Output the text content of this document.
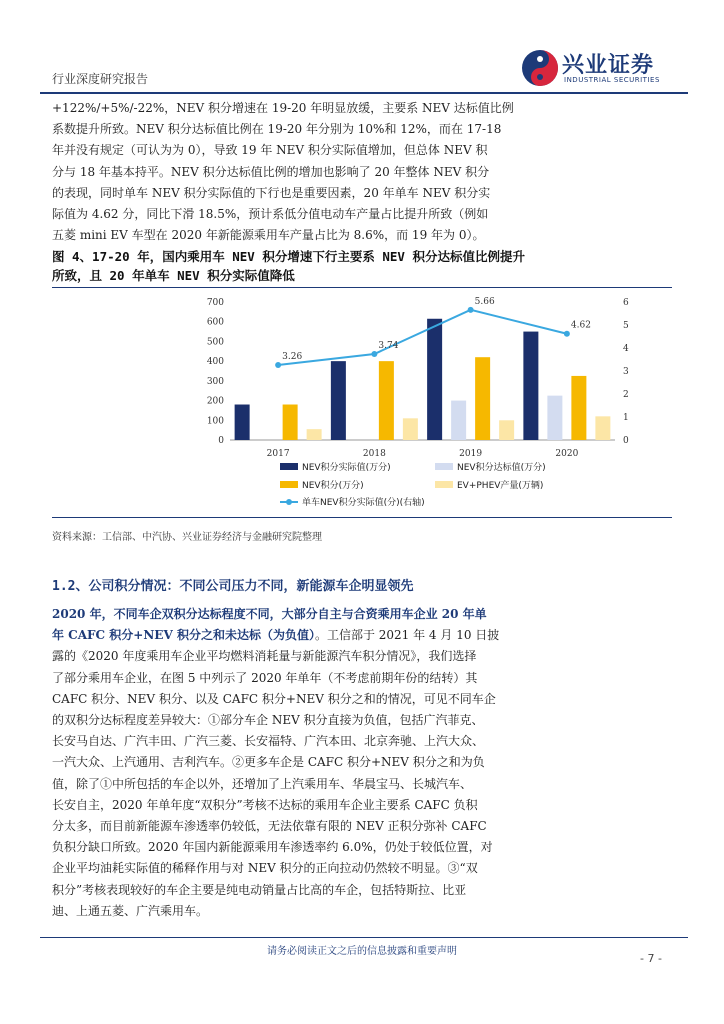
行业深度研究报告
兴业证券
INDUSTRIAL SECURITIES
+122%/+5%/-22%，NEV 积分增速在 19-20 年明显放缓，主要系 NEV 达标值比例
系数提升所致。NEV 积分达标值比例在 19-20 年分别为 10%和 12%，而在 17-18
年并没有规定（可认为为 0），导致 19 年 NEV 积分实际值增加，但总体 NEV 积
分与 18 年基本持平。NEV 积分达标值比例的增加也影响了 20 年整体 NEV 积分
的表现，同时单车 NEV 积分实际值的下行也是重要因素，20 年单车 NEV 积分实
际值为 4.62 分，同比下滑 18.5%，预计系低分值电动车产量占比提升所致（例如
五菱 mini EV 车型在 2020 年新能源乘用车产量占比为 8.6%，而 19 年为 0）。
图 4、17-20 年，国内乘用车 NEV 积分增速下行主要系 NEV 积分达标值比例提升
所致，且 20 年单车 NEV 积分实际值降低
0
100
200
300
400
500
600
700
0
1
2
3
4
5
6
2017	2018	2019	2020
3.26
3.74
5.66
4.62
NEV积分实际值(万分)	NEV积分达标值(万分)
NEV积分(万分)	EV+PHEV产量(万辆)
单车NEV积分实际值(分)(右轴)
资料来源：工信部、中汽协、兴业证券经济与金融研究院整理
1.2、公司积分情况：不同公司压力不同，新能源车企明显领先
2020 年，不同车企双积分达标程度不同，大部分自主与合资乘用车企业 20 年单
年 CAFC 积分+NEV 积分之和未达标（为负值）。工信部于 2021 年 4 月 10 日披
露的《2020 年度乘用车企业平均燃料消耗量与新能源汽车积分情况》，我们选择
了部分乘用车企业，在图 5 中列示了 2020 年单年（不考虑前期年份的结转）其
CAFC 积分、NEV 积分、以及 CAFC 积分+NEV 积分之和的情况，可见不同车企
的双积分达标程度差异较大：①部分车企 NEV 积分直接为负值，包括广汽菲克、
长安马自达、广汽丰田、广汽三菱、长安福特、广汽本田、北京奔驰、上汽大众、
一汽大众、上汽通用、吉利汽车。②更多车企是 CAFC 积分+NEV 积分之和为负
值，除了①中所包括的车企以外，还增加了上汽乘用车、华晨宝马、长城汽车、
长安自主，2020 年单年度“双积分”考核不达标的乘用车企业主要系 CAFC 负积
分太多，而目前新能源车渗透率仍较低，无法依靠有限的 NEV 正积分弥补 CAFC
负积分缺口所致。2020 年国内新能源乘用车渗透率约 6.0%，仍处于较低位置，对
企业平均油耗实际值的稀释作用与对 NEV 积分的正向拉动仍然较不明显。③“双
积分”考核表现较好的车企主要是纯电动销量占比高的车企，包括特斯拉、比亚
迪、上通五菱、广汽乘用车。
请务必阅读正文之后的信息披露和重要声明
- 7 -
